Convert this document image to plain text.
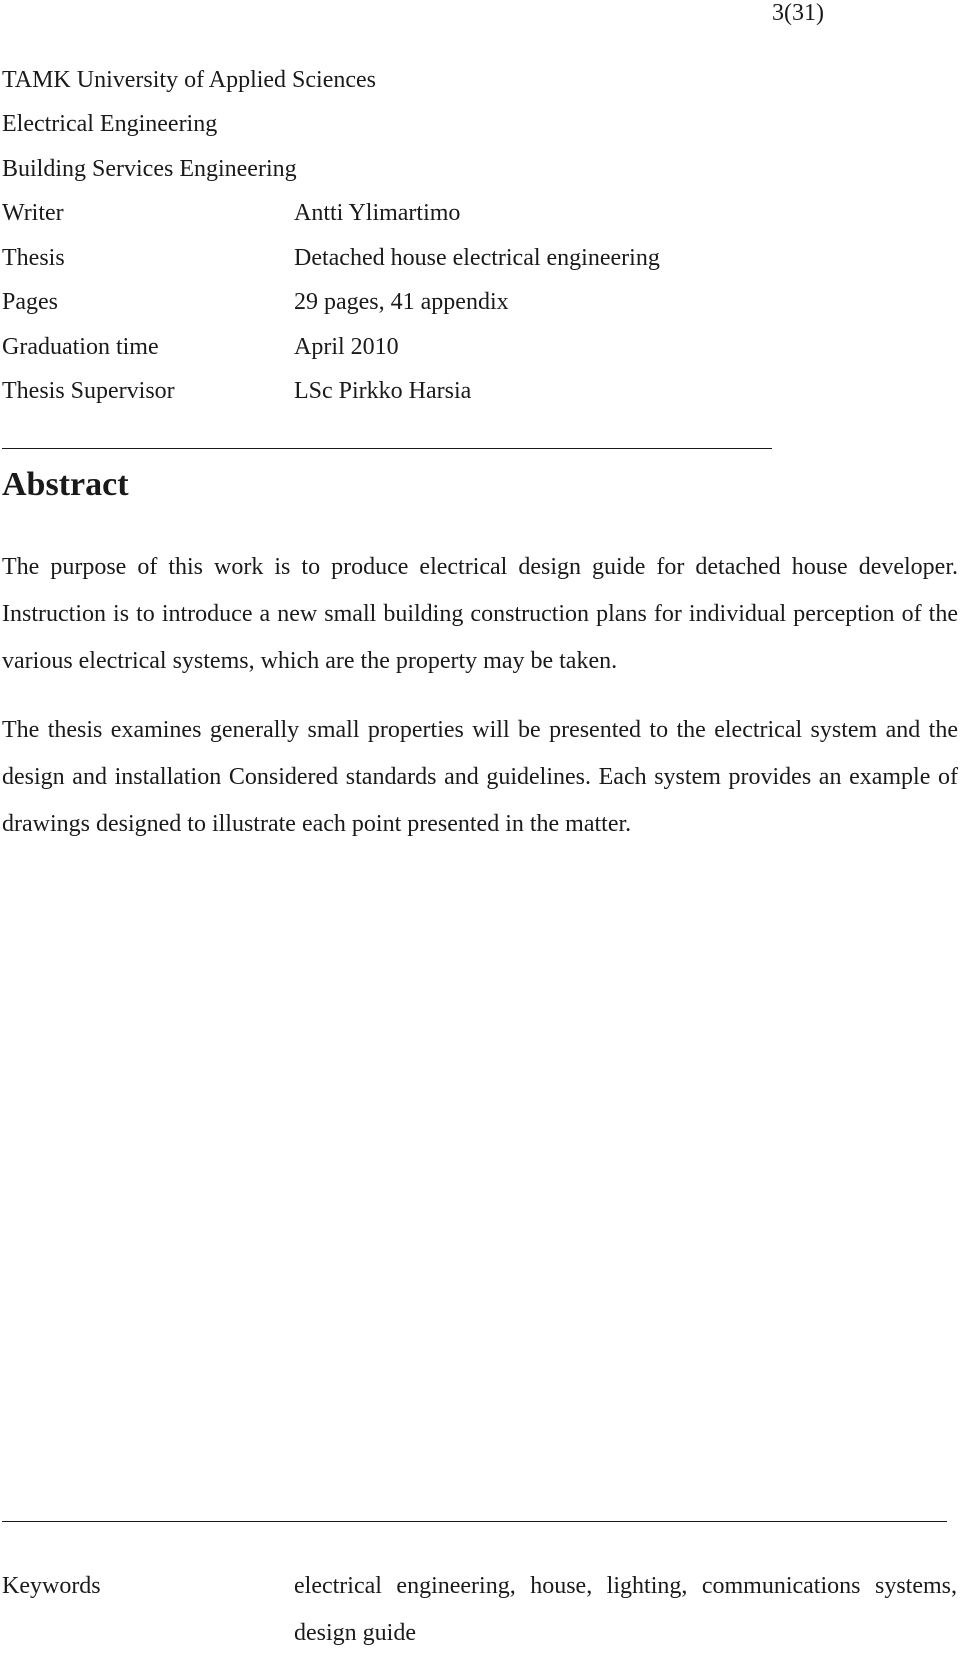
3(31)
TAMK University of Applied Sciences
Electrical Engineering
Building Services Engineering
Writer	Antti Ylimartimo
Thesis	Detached house electrical engineering
Pages	29 pages, 41 appendix
Graduation time	April 2010
Thesis Supervisor	LSc Pirkko Harsia
Abstract
The purpose of this work is to produce electrical design guide for detached house developer. Instruction is to introduce a new small building construction plans for individual perception of the various electrical systems, which are the property may be taken.
The thesis examines generally small properties will be presented to the electrical system and the design and installation Considered standards and guidelines. Each system provides an example of drawings designed to illustrate each point presented in the matter.
Keywords	electrical engineering, house, lighting, communications systems, design guide
